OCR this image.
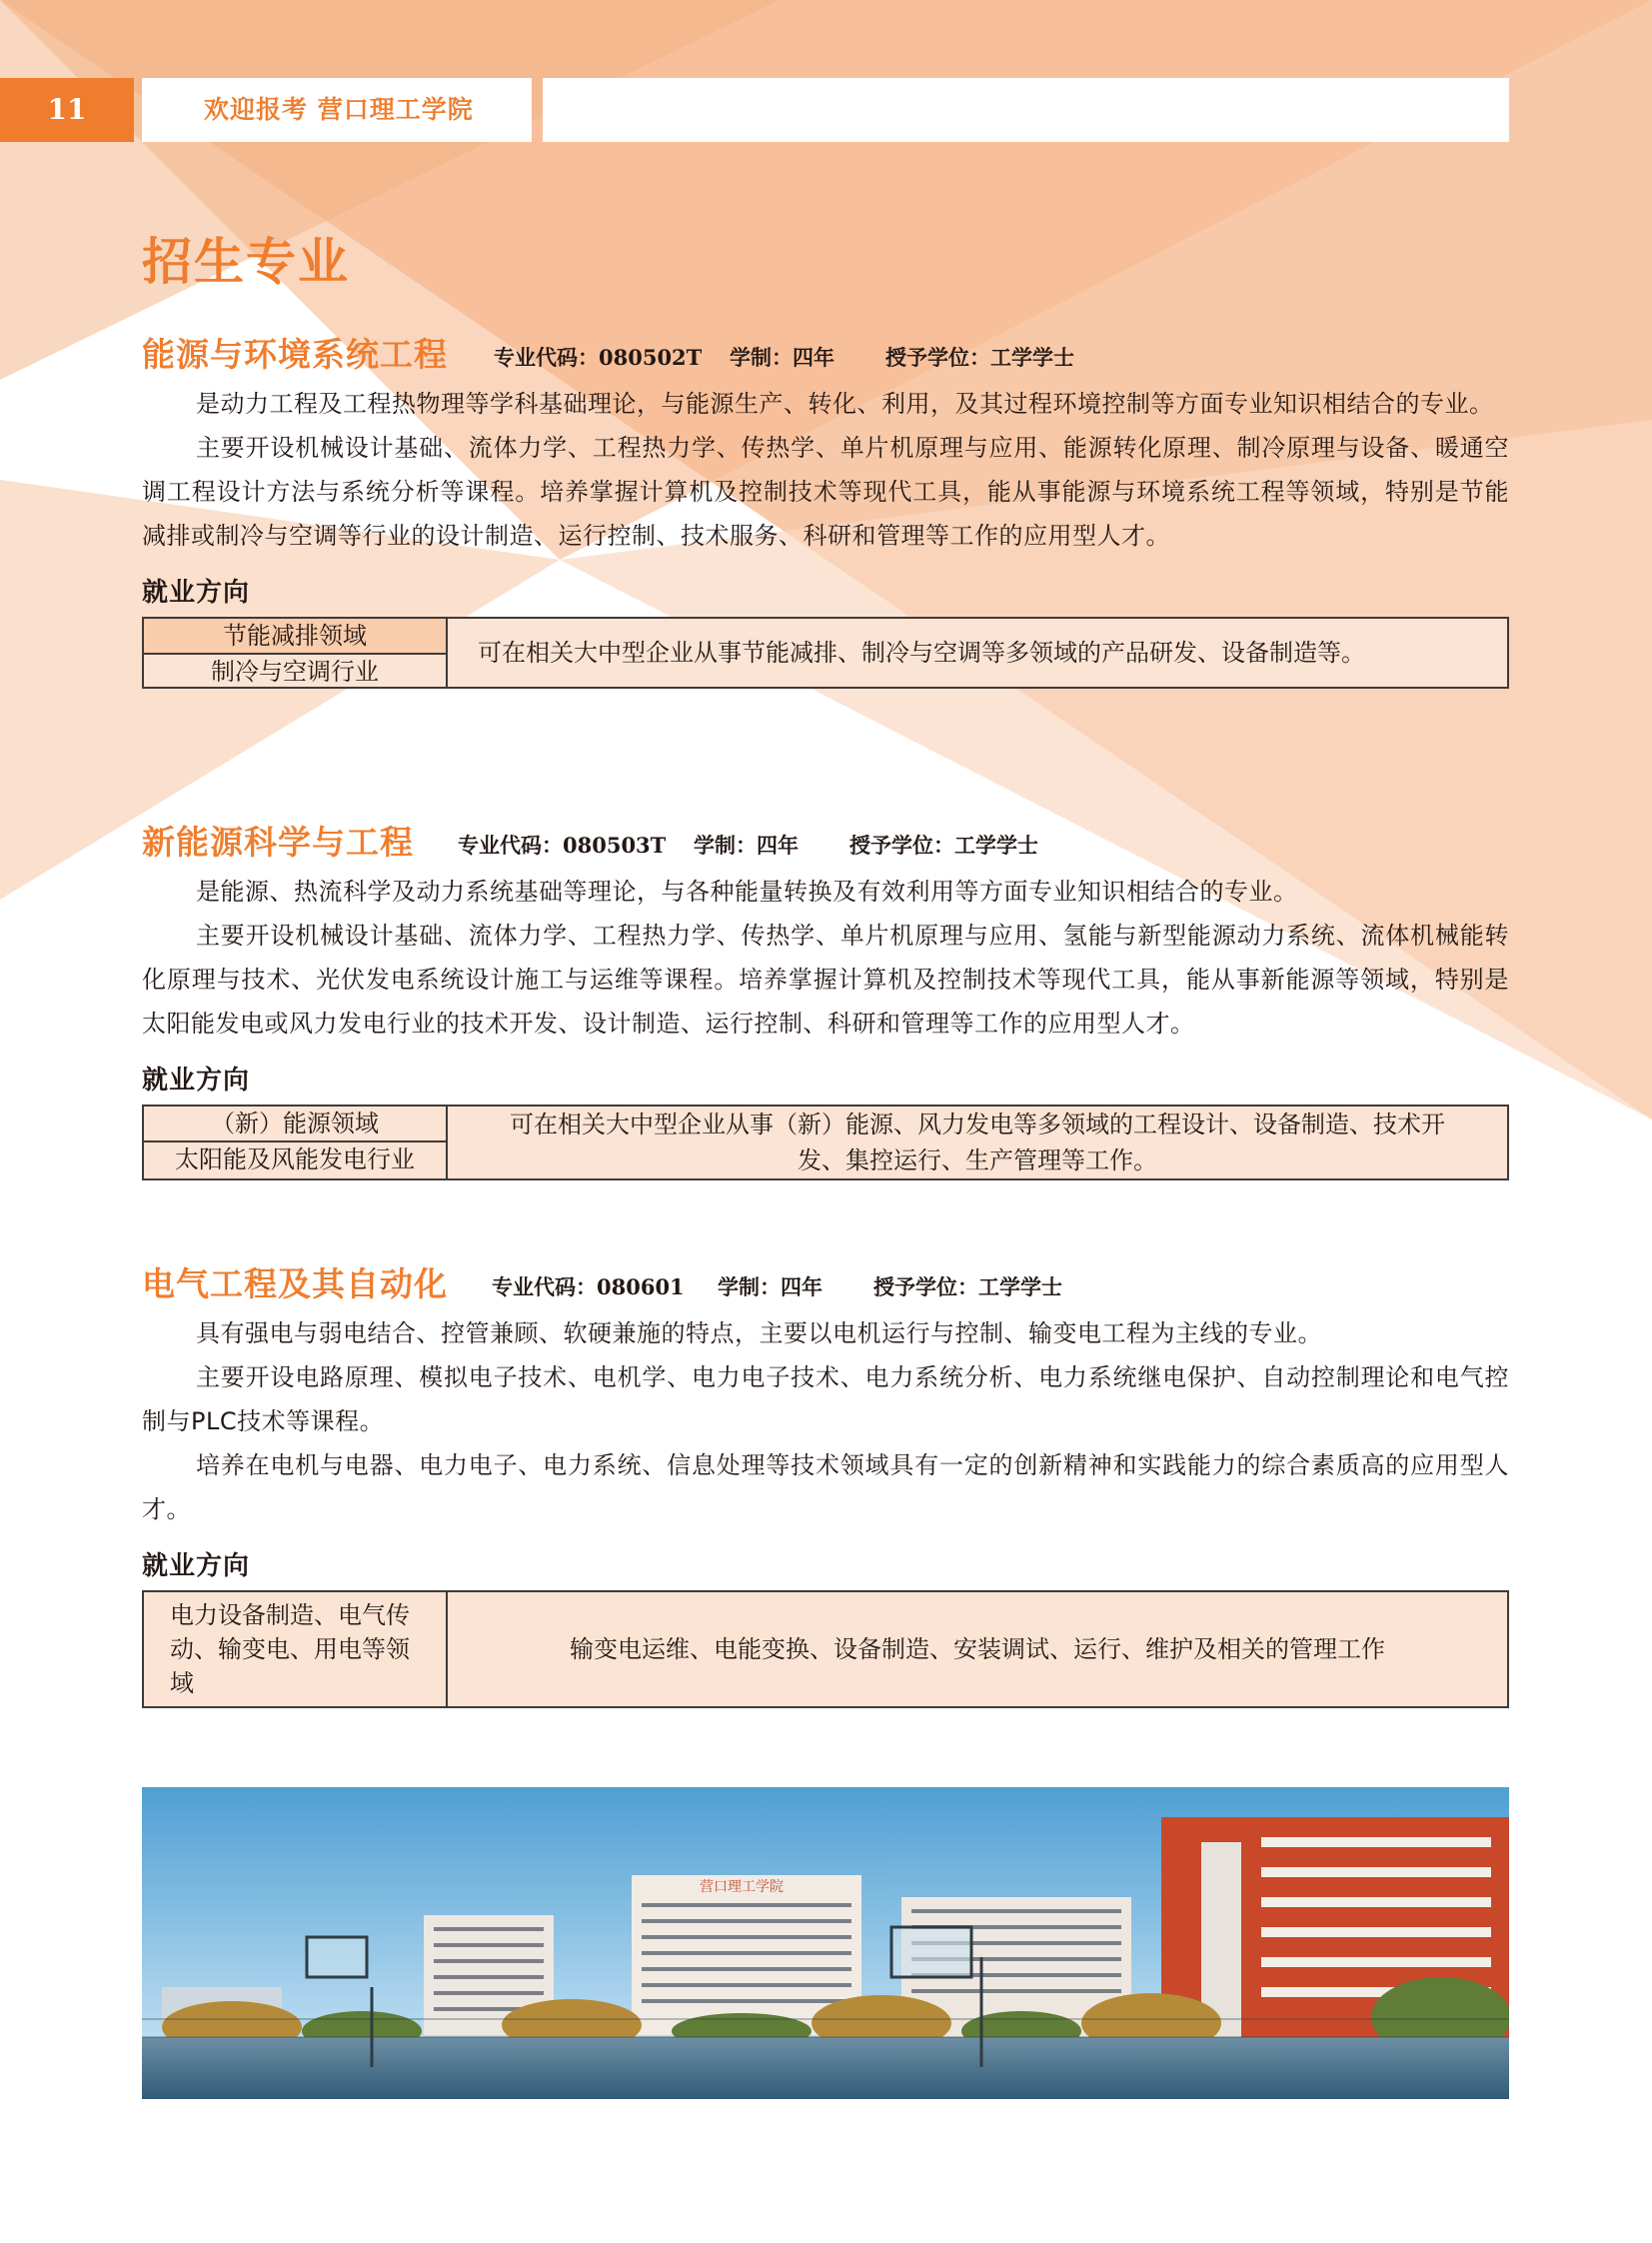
11	欢迎报考 营口理工学院
招生专业
能源与环境系统工程 专业代码：080502T 学制：四年 授予学位：工学学士

是动力工程及工程热物理等学科基础理论，与能源生产、转化、利用，及其过程环境控制等方面专业知识相结合的专业。

主要开设机械设计基础、流体力学、工程热力学、传热学、单片机原理与应用、能源转化原理、制冷原理与设备、暖通空调工程设计方法与系统分析等课程。培养掌握计算机及控制技术等现代工具，能从事能源与环境系统工程等领域，特别是节能减排或制冷与空调等行业的设计制造、运行控制、技术服务、科研和管理等工作的应用型人才。

就业方向
节能减排领域
制冷与空调行业
可在相关大中型企业从事节能减排、制冷与空调等多领域的产品研发、设备制造等。
新能源科学与工程 专业代码：080503T 学制：四年 授予学位：工学学士

是能源、热流科学及动力系统基础等理论，与各种能量转换及有效利用等方面专业知识相结合的专业。

主要开设机械设计基础、流体力学、工程热力学、传热学、单片机原理与应用、氢能与新型能源动力系统、流体机械能转化原理与技术、光伏发电系统设计施工与运维等课程。培养掌握计算机及控制技术等现代工具，能从事新能源等领域，特别是太阳能发电或风力发电行业的技术开发、设计制造、运行控制、科研和管理等工作的应用型人才。

就业方向
（新）能源领域
太阳能及风能发电行业
可在相关大中型企业从事（新）能源、风力发电等多领域的工程设计、设备制造、技术开发、集控运行、生产管理等工作。
电气工程及其自动化 专业代码：080601 学制：四年 授予学位：工学学士

具有强电与弱电结合、控管兼顾、软硬兼施的特点，主要以电机运行与控制、输变电工程为主线的专业。

主要开设电路原理、模拟电子技术、电机学、电力电子技术、电力系统分析、电力系统继电保护、自动控制理论和电气控制与PLC技术等课程。

培养在电机与电器、电力电子、电力系统、信息处理等技术领域具有一定的创新精神和实践能力的综合素质高的应用型人才。

就业方向
电力设备制造、电气传动、输变电、用电等领域
输变电运维、电能变换、设备制造、安装调试、运行、维护及相关的管理工作
营口理工学院
